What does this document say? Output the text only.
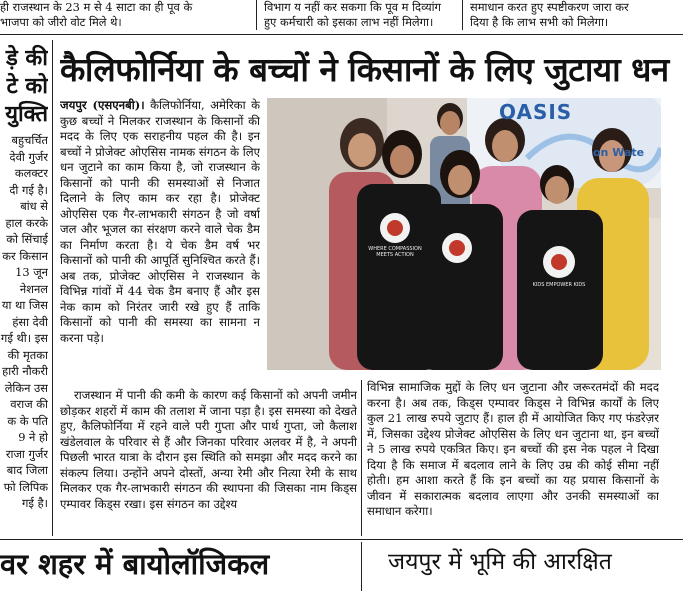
ही राजस्थान के 23 म से 4 साटा का ही पूव के
भाजपा को जीरो वोट मिले थे।
विभाग य नहीं कर सकगा कि पूव म दिव्यांग
हुए कर्मचारी को इसका लाभ नहीं मिलेगा।
समाधान करत हुए स्पष्टीकरण जारा कर
दिया है कि लाभ सभी को मिलेगा।
ड़े की
टे को
युक्ति
बहुचर्चित
देवी गुर्जर
कलक्टर
दी गई है।
बांध से
हाल करके
को सिंचाई
कर किसान
13 जून
नेशनल
या था जिस
हंसा देवी
गई थी। इस
की मृतका
हारी नौकरी
लेकिन उस
वराज की
क के पति
9 ने हो
राजा गुर्जर
बाद जिला
फो लिपिक
गई है।
कैलिफोर्निया के बच्चों ने किसानों के लिए जुटाया धन

जयपुर (एसएनबी)। कैलिफोर्निया, अमेरिका के कुछ बच्चों ने मिलकर राजस्थान के किसानों की मदद के लिए एक सराहनीय पहल की है। इन बच्चों ने प्रोजेक्ट ओएसिस नामक संगठन के लिए धन जुटाने का काम किया है, जो राजस्थान के किसानों को पानी की समस्याओं से निजात दिलाने के लिए काम कर रहा है। प्रोजेक्ट ओएसिस एक गैर-लाभकारी संगठन है जो वर्षा जल और भूजल का संरक्षण करने वाले चेक डैम का निर्माण करता है। ये चेक डैम वर्ष भर किसानों को पानी की आपूर्ति सुनिश्चित करते हैं। अब तक, प्रोजेक्ट ओएसिस ने राजस्थान के विभिन्न गांवों में 44 चेक डैम बनाए हैं और इस नेक काम को निरंतर जारी रखे हुए हैं ताकि किसानों को पानी की समस्या का सामना न करना पड़े।

OASIS
on Wate
WHERE COMPASSION MEETS ACTION
KIDS EMPOWER KIDS

राजस्थान में पानी की कमी के कारण कई किसानों को अपनी जमीन छोड़कर शहरों में काम की तलाश में जाना पड़ा है। इस समस्या को देखते हुए, कैलिफोर्निया में रहने वाले परी गुप्ता और पार्थ गुप्ता, जो कैलाश खंडेलवाल के परिवार से हैं और जिनका परिवार अलवर में है, ने अपनी पिछली भारत यात्रा के दौरान इस स्थिति को समझा और मदद करने का संकल्प लिया। उन्होंने अपने दोस्तों, अन्या रेमी और नित्या रेमी के साथ मिलकर एक गैर-लाभकारी संगठन की स्थापना की जिसका नाम किड्स एम्पावर किड्स रखा। इस संगठन का उद्देश्य

विभिन्न सामाजिक मुद्दों के लिए धन जुटाना और जरूरतमंदों की मदद करना है। अब तक, किड्स एम्पावर किड्स ने विभिन्न कार्यों के लिए कुल 21 लाख रुपये जुटाए हैं। हाल ही में आयोजित किए गए फंडरेज़र में, जिसका उद्देश्य प्रोजेक्ट ओएसिस के लिए धन जुटाना था, इन बच्चों ने 5 लाख रुपये एकत्रित किए। इन बच्चों की इस नेक पहल ने दिखा दिया है कि समाज में बदलाव लाने के लिए उम्र की कोई सीमा नहीं होती। हम आशा करते हैं कि इन बच्चों का यह प्रयास किसानों के जीवन में सकारात्मक बदलाव लाएगा और उनकी समस्याओं का समाधान करेगा।

वर शहर में बायोलॉजिकल	जयपुर में भूमि की आरक्षित
